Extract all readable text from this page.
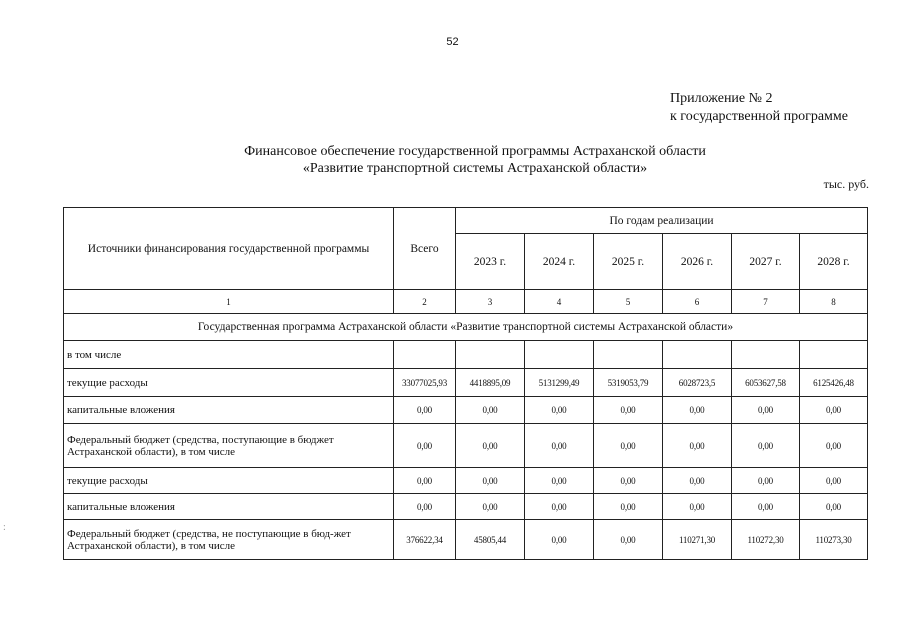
52
Приложение № 2
к государственной программе
Финансовое обеспечение государственной программы Астраханской области
«Развитие транспортной системы Астраханской области»
тыс. руб.
:
Источники финансирования государственной программы	Всего	По годам реализации					
		2023 г.	2024 г.	2025 г.	2026 г.	2027 г.	2028 г.
1	2	3	4	5	6	7	8
Государственная программа Астраханской области «Развитие транспортной системы Астраханской области»							
в том числе							
текущие расходы	33077025,93	4418895,09	5131299,49	5319053,79	6028723,5	6053627,58	6125426,48
капитальные вложения	0,00	0,00	0,00	0,00	0,00	0,00	0,00
Федеральный бюджет (средства, поступающие в бюджет Астраханской области), в том числе	0,00	0,00	0,00	0,00	0,00	0,00	0,00
текущие расходы	0,00	0,00	0,00	0,00	0,00	0,00	0,00
капитальные вложения	0,00	0,00	0,00	0,00	0,00	0,00	0,00
Федеральный бюджет (средства, не поступающие в бюд-жет Астраханской области), в том числе	376622,34	45805,44	0,00	0,00	110271,30	110272,30	110273,30
